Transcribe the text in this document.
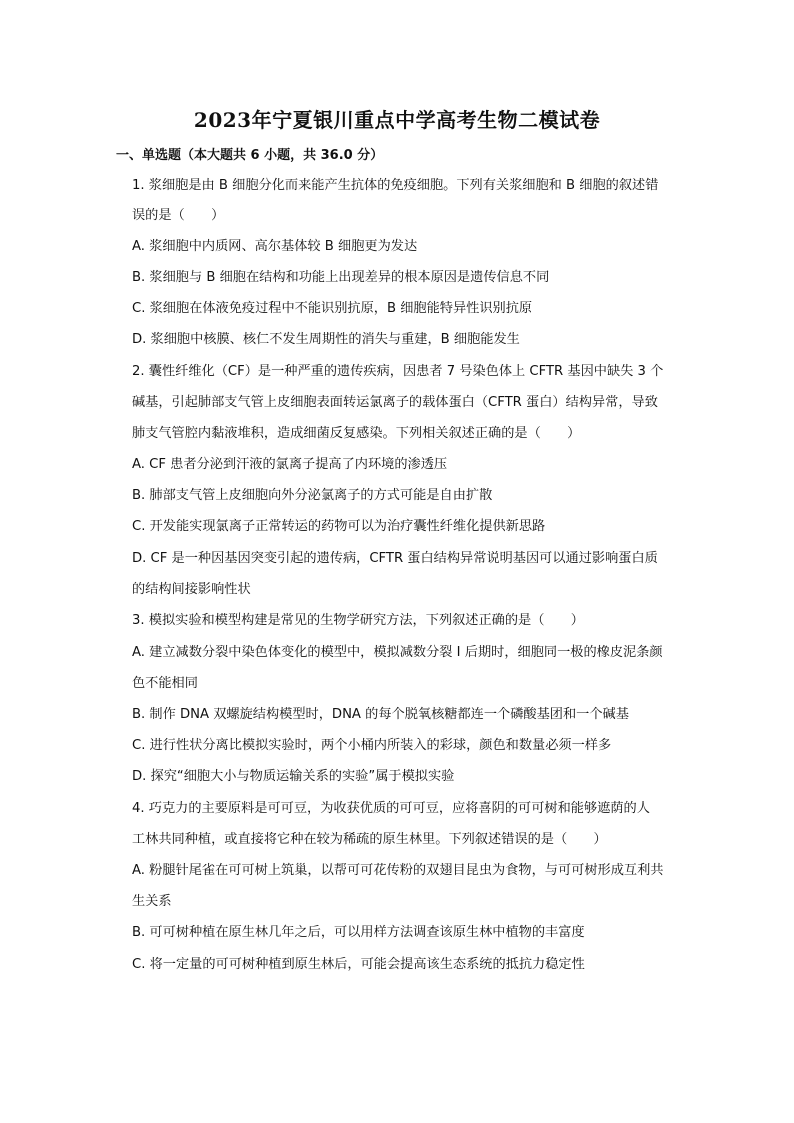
2023年宁夏银川重点中学高考生物二模试卷
一、单选题（本大题共 6 小题，共 36.0 分）
1. 浆细胞是由 B 细胞分化而来能产生抗体的免疫细胞。下列有关浆细胞和 B 细胞的叙述错
误的是（　　）
A. 浆细胞中内质网、高尔基体较 B 细胞更为发达
B. 浆细胞与 B 细胞在结构和功能上出现差异的根本原因是遗传信息不同
C. 浆细胞在体液免疫过程中不能识别抗原，B 细胞能特异性识别抗原
D. 浆细胞中核膜、核仁不发生周期性的消失与重建，B 细胞能发生
2. 囊性纤维化（CF）是一种严重的遗传疾病，因患者 7 号染色体上 CFTR 基因中缺失 3 个
碱基，引起肺部支气管上皮细胞表面转运氯离子的载体蛋白（CFTR 蛋白）结构异常，导致
肺支气管腔内黏液堆积，造成细菌反复感染。下列相关叙述正确的是（　　）
A. CF 患者分泌到汗液的氯离子提高了内环境的渗透压
B. 肺部支气管上皮细胞向外分泌氯离子的方式可能是自由扩散
C. 开发能实现氯离子正常转运的药物可以为治疗囊性纤维化提供新思路
D. CF 是一种因基因突变引起的遗传病，CFTR 蛋白结构异常说明基因可以通过影响蛋白质
的结构间接影响性状
3. 模拟实验和模型构建是常见的生物学研究方法，下列叙述正确的是（　　）
A. 建立减数分裂中染色体变化的模型中，模拟减数分裂 I 后期时，细胞同一极的橡皮泥条颜
色不能相同
B. 制作 DNA 双螺旋结构模型时，DNA 的每个脱氧核糖都连一个磷酸基团和一个碱基
C. 进行性状分离比模拟实验时，两个小桶内所装入的彩球，颜色和数量必须一样多
D. 探究“细胞大小与物质运输关系的实验”属于模拟实验
4. 巧克力的主要原料是可可豆，为收获优质的可可豆，应将喜阴的可可树和能够遮荫的人
工林共同种植，或直接将它种在较为稀疏的原生林里。下列叙述错误的是（　　）
A. 粉腿针尾雀在可可树上筑巢，以帮可可花传粉的双翅目昆虫为食物，与可可树形成互利共
生关系
B. 可可树种植在原生林几年之后，可以用样方法调查该原生林中植物的丰富度
C. 将一定量的可可树种植到原生林后，可能会提高该生态系统的抵抗力稳定性
